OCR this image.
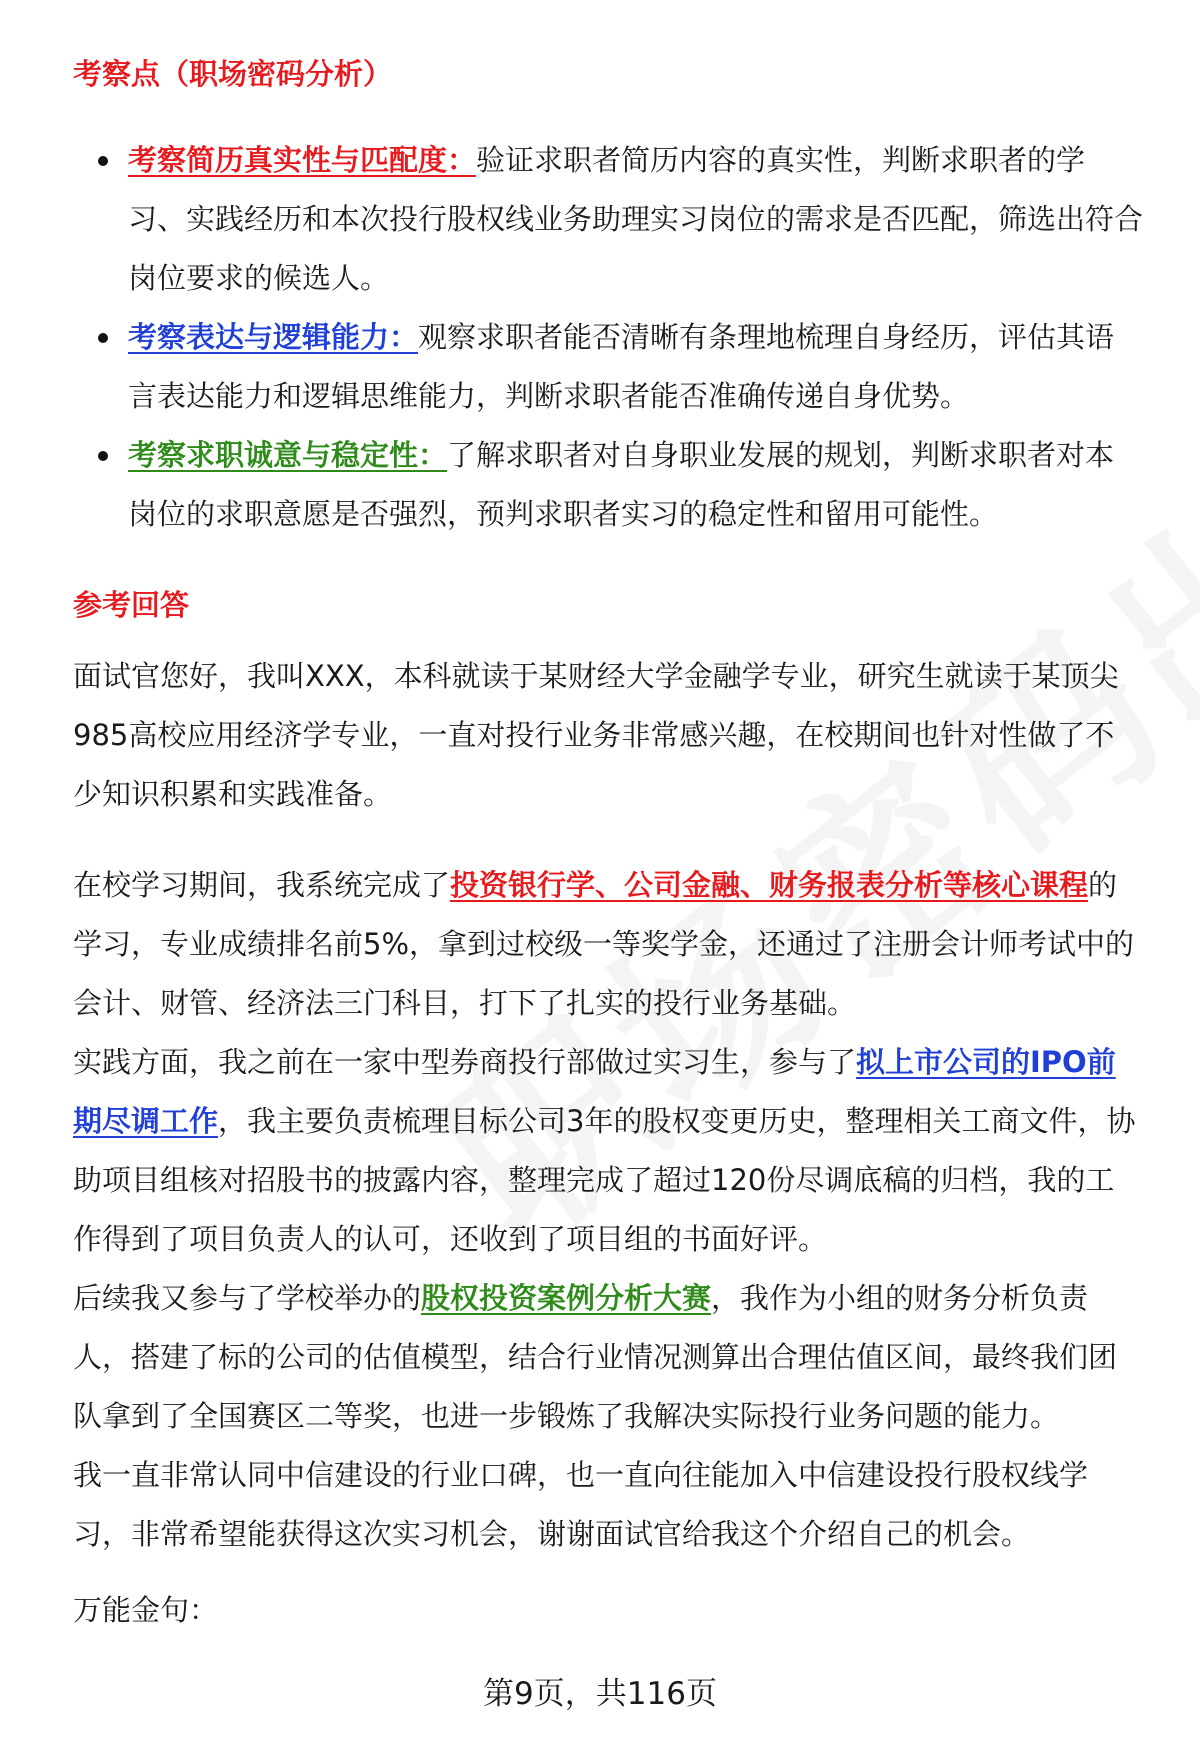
考察点（职场密码分析）
考察简历真实性与匹配度：验证求职者简历内容的真实性，判断求职者的学习、实践经历和本次投行股权线业务助理实习岗位的需求是否匹配，筛选出符合岗位要求的候选人。
考察表达与逻辑能力：观察求职者能否清晰有条理地梳理自身经历，评估其语言表达能力和逻辑思维能力，判断求职者能否准确传递自身优势。
考察求职诚意与稳定性：了解求职者对自身职业发展的规划，判断求职者对本岗位的求职意愿是否强烈，预判求职者实习的稳定性和留用可能性。
参考回答

面试官您好，我叫XXX，本科就读于某财经大学金融学专业，研究生就读于某顶尖985高校应用经济学专业，一直对投行业务非常感兴趣，在校期间也针对性做了不少知识积累和实践准备。

在校学习期间，我系统完成了投资银行学、公司金融、财务报表分析等核心课程的学习，专业成绩排名前5%，拿到过校级一等奖学金，还通过了注册会计师考试中的会计、财管、经济法三门科目，打下了扎实的投行业务基础。

实践方面，我之前在一家中型券商投行部做过实习生，参与了拟上市公司的IPO前期尽调工作，我主要负责梳理目标公司3年的股权变更历史，整理相关工商文件，协助项目组核对招股书的披露内容，整理完成了超过120份尽调底稿的归档，我的工作得到了项目负责人的认可，还收到了项目组的书面好评。

后续我又参与了学校举办的股权投资案例分析大赛，我作为小组的财务分析负责人，搭建了标的公司的估值模型，结合行业情况测算出合理估值区间，最终我们团队拿到了全国赛区二等奖，也进一步锻炼了我解决实际投行业务问题的能力。

我一直非常认同中信建设的行业口碑，也一直向往能加入中信建设投行股权线学习，非常希望能获得这次实习机会，谢谢面试官给我这个介绍自己的机会。

万能金句：

第9页，共116页
